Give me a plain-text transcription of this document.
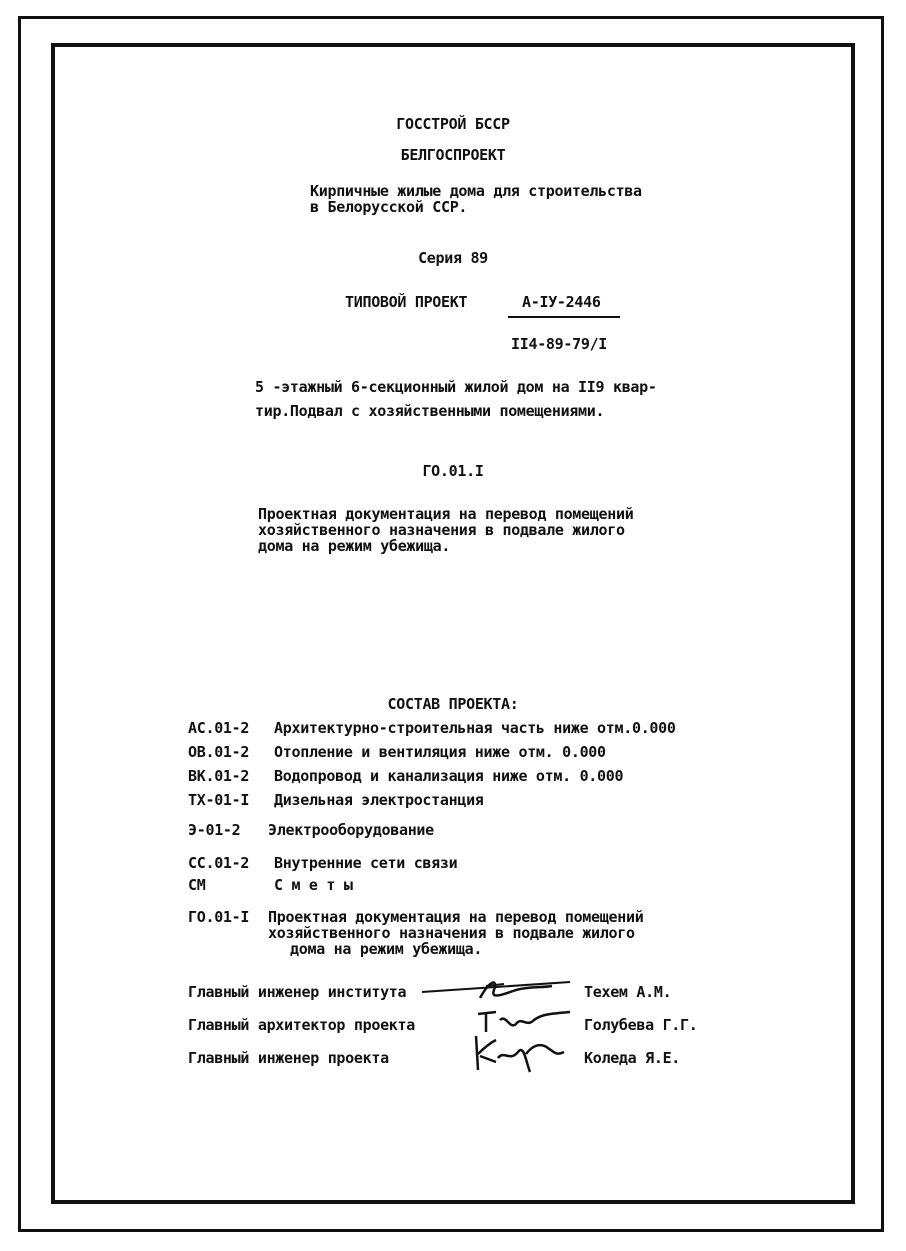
ГОССТРОЙ БССР
БЕЛГОСПРОЕКТ
Кирпичные жилые дома для строительства
в Белорусской ССР.
Серия 89
ТИПОВОЙ ПРОЕКТ	А-IУ-2446
II4-89-79/I
5 -этажный 6-секционный жилой дом на II9 квар-
тир.Подвал с хозяйственными помещениями.
ГО.01.I
Проектная документация на перевод помещений
хозяйственного назначения в подвале жилого
дома на режим убежища.
СОСТАВ ПРОЕКТА:
АС.01-2 Архитектурно-строительная часть ниже отм.0.000
ОВ.01-2 Отопление и вентиляция ниже отм. 0.000
ВК.01-2 Водопровод и канализация ниже отм. 0.000
ТХ-01-I Дизельная электростанция
Э-01-2 Электрооборудование
СС.01-2 Внутренние сети связи
СМ	С м е т ы
ГО.01-I Проектная документация на перевод помещений
хозяйственного назначения в подвале жилого
дома на режим убежища.
Главный инженер института	Техем А.М.
Главный архитектор проекта	Голубева Г.Г.
Главный инженер проекта	Коледа Я.Е.
